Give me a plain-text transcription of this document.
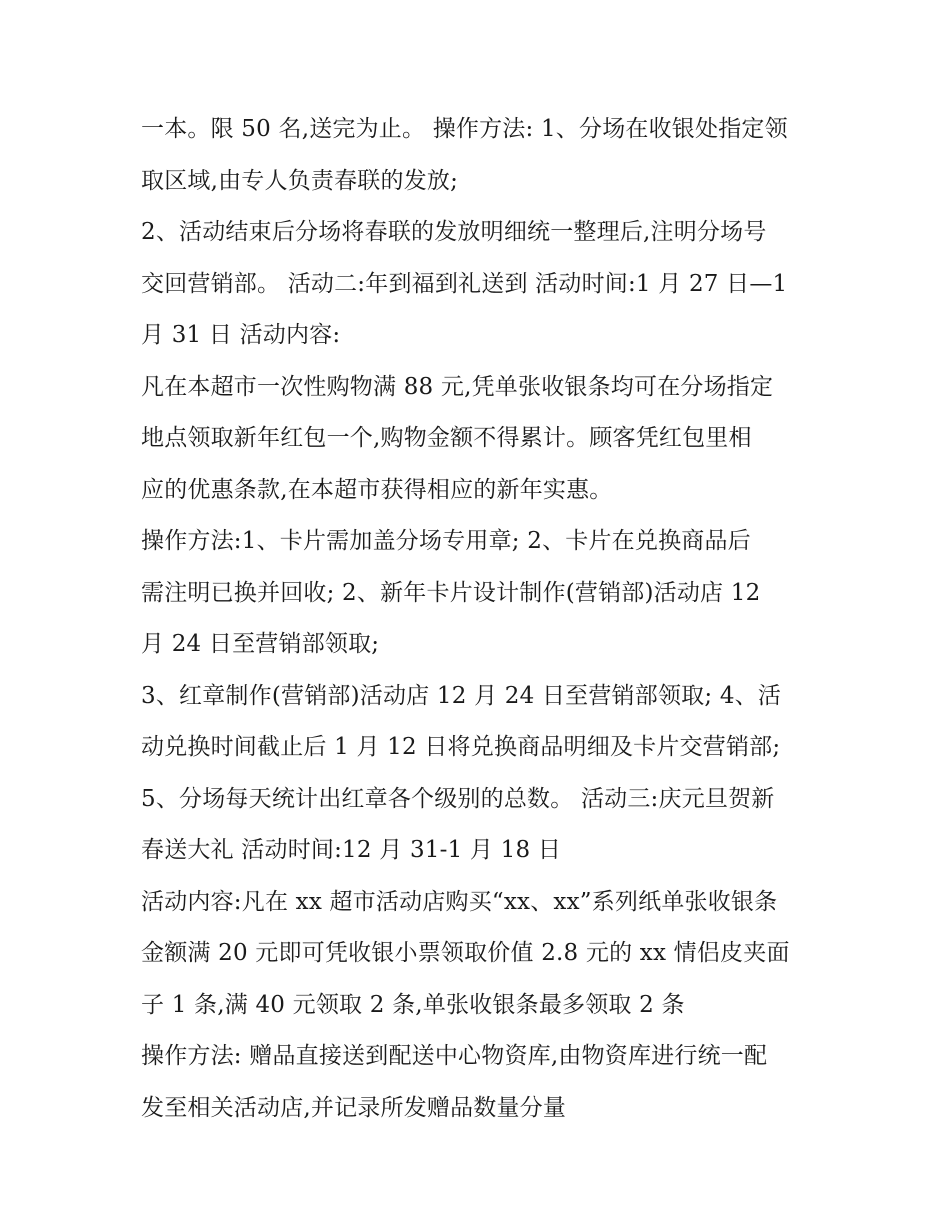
一本。限 50 名,送完为止。 操作方法: 1、分场在收银处指定领
取区域,由专人负责春联的发放;
2、活动结束后分场将春联的发放明细统一整理后,注明分场号
交回营销部。 活动二:年到福到礼送到 活动时间:1 月 27 日—1
月 31 日 活动内容:
凡在本超市一次性购物满 88 元,凭单张收银条均可在分场指定
地点领取新年红包一个,购物金额不得累计。顾客凭红包里相
应的优惠条款,在本超市获得相应的新年实惠。
操作方法:1、卡片需加盖分场专用章; 2、卡片在兑换商品后
需注明已换并回收; 2、新年卡片设计制作(营销部)活动店 12
月 24 日至营销部领取;
3、红章制作(营销部)活动店 12 月 24 日至营销部领取; 4、活
动兑换时间截止后 1 月 12 日将兑换商品明细及卡片交营销部;
5、分场每天统计出红章各个级别的总数。 活动三:庆元旦贺新
春送大礼 活动时间:12 月 31-1 月 18 日
活动内容:凡在 xx 超市活动店购买“xx、xx”系列纸单张收银条
金额满 20 元即可凭收银小票领取价值 2.8 元的 xx 情侣皮夹面
子 1 条,满 40 元领取 2 条,单张收银条最多领取 2 条
操作方法: 赠品直接送到配送中心物资库,由物资库进行统一配
发至相关活动店,并记录所发赠品数量分量
